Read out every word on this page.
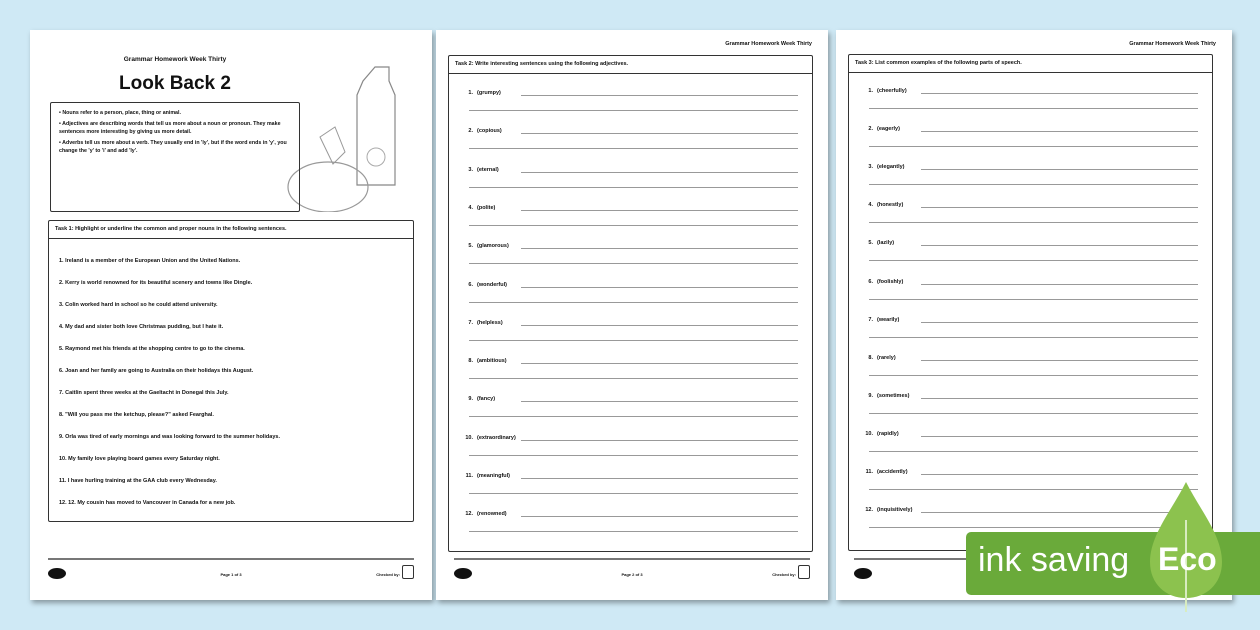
Grammar Homework Week Thirty
Look Back 2

• Nouns refer to a person, place, thing or animal.

• Adjectives are describing words that tell us more about a noun or pronoun. They make sentences more interesting by giving us more detail.

• Adverbs tell us more about a verb. They usually end in 'ly', but if the word ends in 'y', you change the 'y' to 'i' and add 'ly'.

Task 1: Highlight or underline the common and proper nouns in the following sentences.
1. Ireland is a member of the European Union and the United Nations.
2. Kerry is world renowned for its beautiful scenery and towns like Dingle.
3. Colin worked hard in school so he could attend university.
4. My dad and sister both love Christmas pudding, but I hate it.
5. Raymond met his friends at the shopping centre to go to the cinema.
6. Joan and her family are going to Australia on their holidays this August.
7. Caitlin spent three weeks at the Gaeltacht in Donegal this July.
8. "Will you pass me the ketchup, please?" asked Fearghal.
9. Orla was tired of early mornings and was looking forward to the summer holidays.
10. My family love playing board games every Saturday night.
11. I have hurling training at the GAA club every Wednesday.
12. 12. My cousin has moved to Vancouver in Canada for a new job.
Page 1 of 3	Checked by:
Grammar Homework Week Thirty
Task 2: Write interesting sentences using the following adjectives.
1. (grumpy)
2. (copious)
3. (eternal)
4. (polite)
5. (glamorous)
6. (wonderful)
7. (helpless)
8. (ambitious)
9. (fancy)
10. (extraordinary)
11. (meaningful)
12. (renowned)
Page 2 of 3	Checked by:
Grammar Homework Week Thirty
Task 3: List common examples of the following parts of speech.
1. (cheerfully)
2. (eagerly)
3. (elegantly)
4. (honestly)
5. (lazily)
6. (foolishly)
7. (wearily)
8. (rarely)
9. (sometimes)
10. (rapidly)
11. (accidently)
12. (inquisitively)
ink saving Eco
